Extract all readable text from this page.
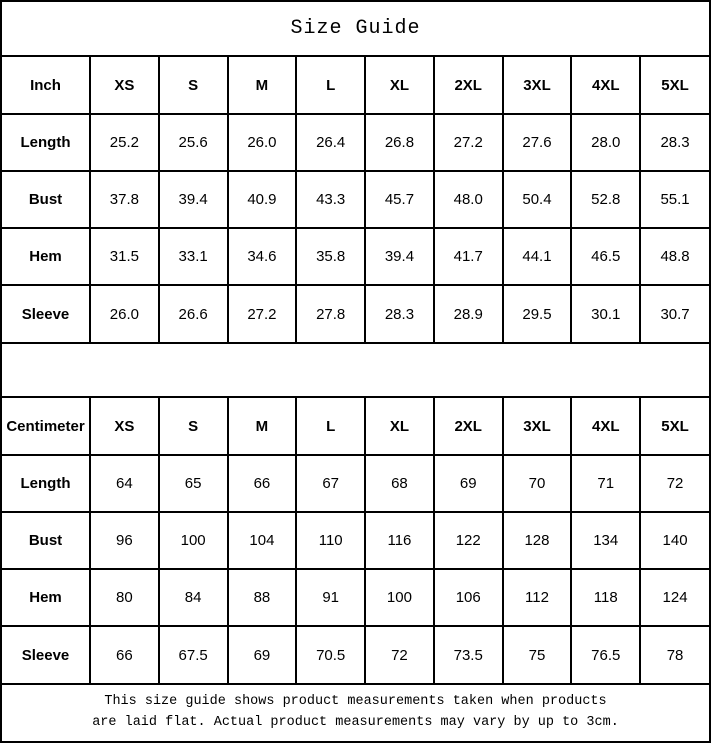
Size Guide
Inch	XS	S	M	L	XL	2XL	3XL	4XL	5XL
Length	25.2	25.6	26.0	26.4	26.8	27.2	27.6	28.0	28.3
Bust	37.8	39.4	40.9	43.3	45.7	48.0	50.4	52.8	55.1
Hem	31.5	33.1	34.6	35.8	39.4	41.7	44.1	46.5	48.8
Sleeve	26.0	26.6	27.2	27.8	28.3	28.9	29.5	30.1	30.7
Centimeter	XS	S	M	L	XL	2XL	3XL	4XL	5XL
Length	64	65	66	67	68	69	70	71	72
Bust	96	100	104	110	116	122	128	134	140
Hem	80	84	88	91	100	106	112	118	124
Sleeve	66	67.5	69	70.5	72	73.5	75	76.5	78
This size guide shows product measurements taken when products
are laid flat. Actual product measurements may vary by up to 3cm.
